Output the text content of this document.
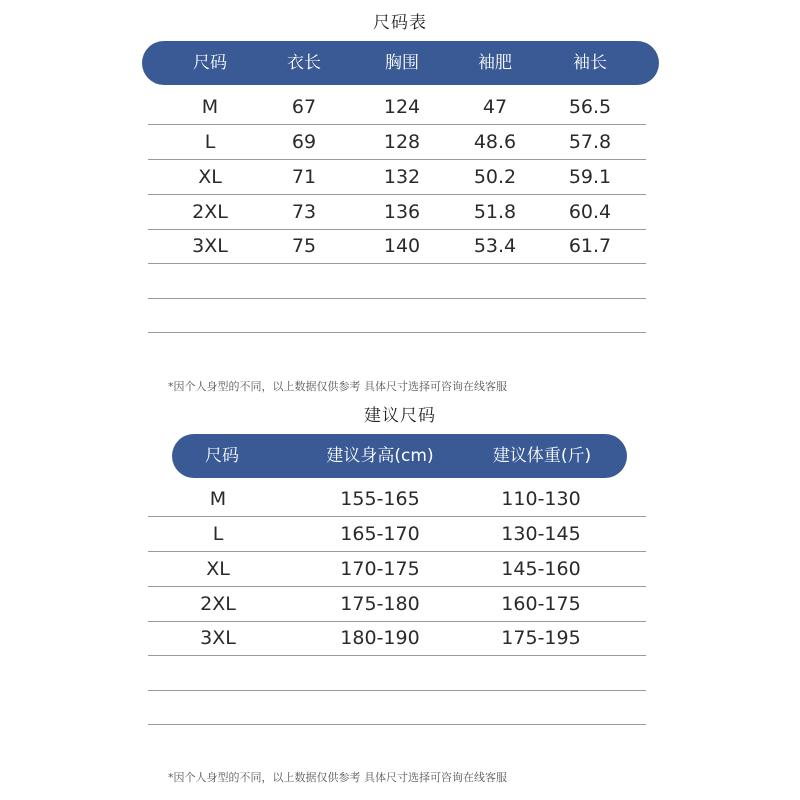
尺码表
尺码	衣长	胸围	袖肥	袖长
M	67	124	47	56.5
L	69	128	48.6	57.8
XL	71	132	50.2	59.1
2XL	73	136	51.8	60.4
3XL	75	140	53.4	61.7
*因个人身型的不同，以上数据仅供参考 具体尺寸选择可咨询在线客服
建议尺码
尺码	建议身高(cm)	建议体重(斤)
M	155-165	110-130
L	165-170	130-145
XL	170-175	145-160
2XL	175-180	160-175
3XL	180-190	175-195
*因个人身型的不同，以上数据仅供参考 具体尺寸选择可咨询在线客服
